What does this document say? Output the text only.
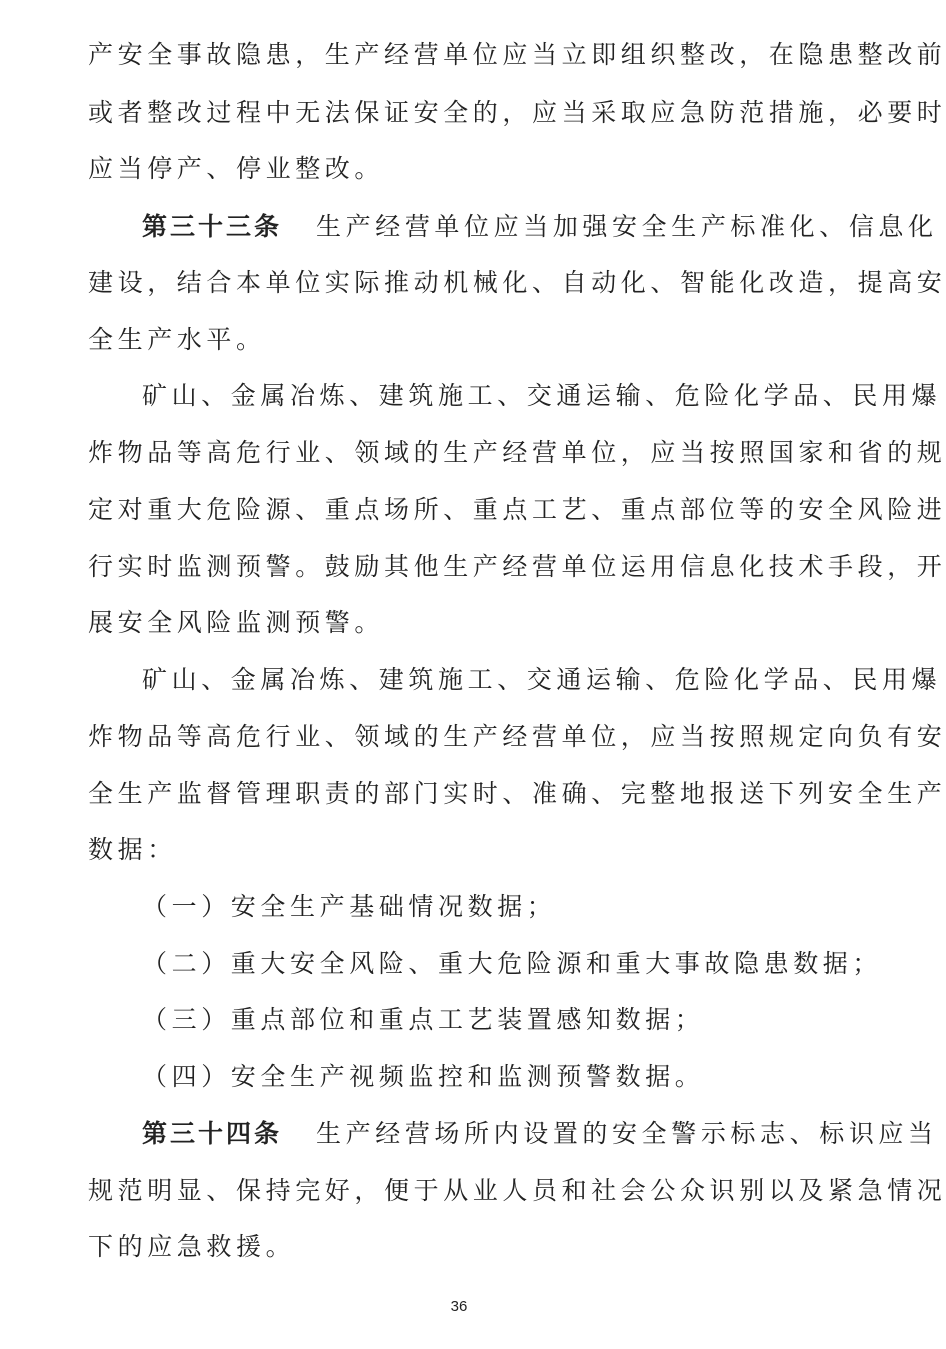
产安全事故隐患，生产经营单位应当立即组织整改，在隐患整改前
或者整改过程中无法保证安全的，应当采取应急防范措施，必要时
应当停产、停业整改。
第三十三条 生产经营单位应当加强安全生产标准化、信息化
建设，结合本单位实际推动机械化、自动化、智能化改造，提高安
全生产水平。
矿山、金属冶炼、建筑施工、交通运输、危险化学品、民用爆
炸物品等高危行业、领域的生产经营单位，应当按照国家和省的规
定对重大危险源、重点场所、重点工艺、重点部位等的安全风险进
行实时监测预警。鼓励其他生产经营单位运用信息化技术手段，开
展安全风险监测预警。
矿山、金属冶炼、建筑施工、交通运输、危险化学品、民用爆
炸物品等高危行业、领域的生产经营单位，应当按照规定向负有安
全生产监督管理职责的部门实时、准确、完整地报送下列安全生产
数据：
（一）安全生产基础情况数据；
（二）重大安全风险、重大危险源和重大事故隐患数据；
（三）重点部位和重点工艺装置感知数据；
（四）安全生产视频监控和监测预警数据。
第三十四条 生产经营场所内设置的安全警示标志、标识应当
规范明显、保持完好，便于从业人员和社会公众识别以及紧急情况
下的应急救援。
36
